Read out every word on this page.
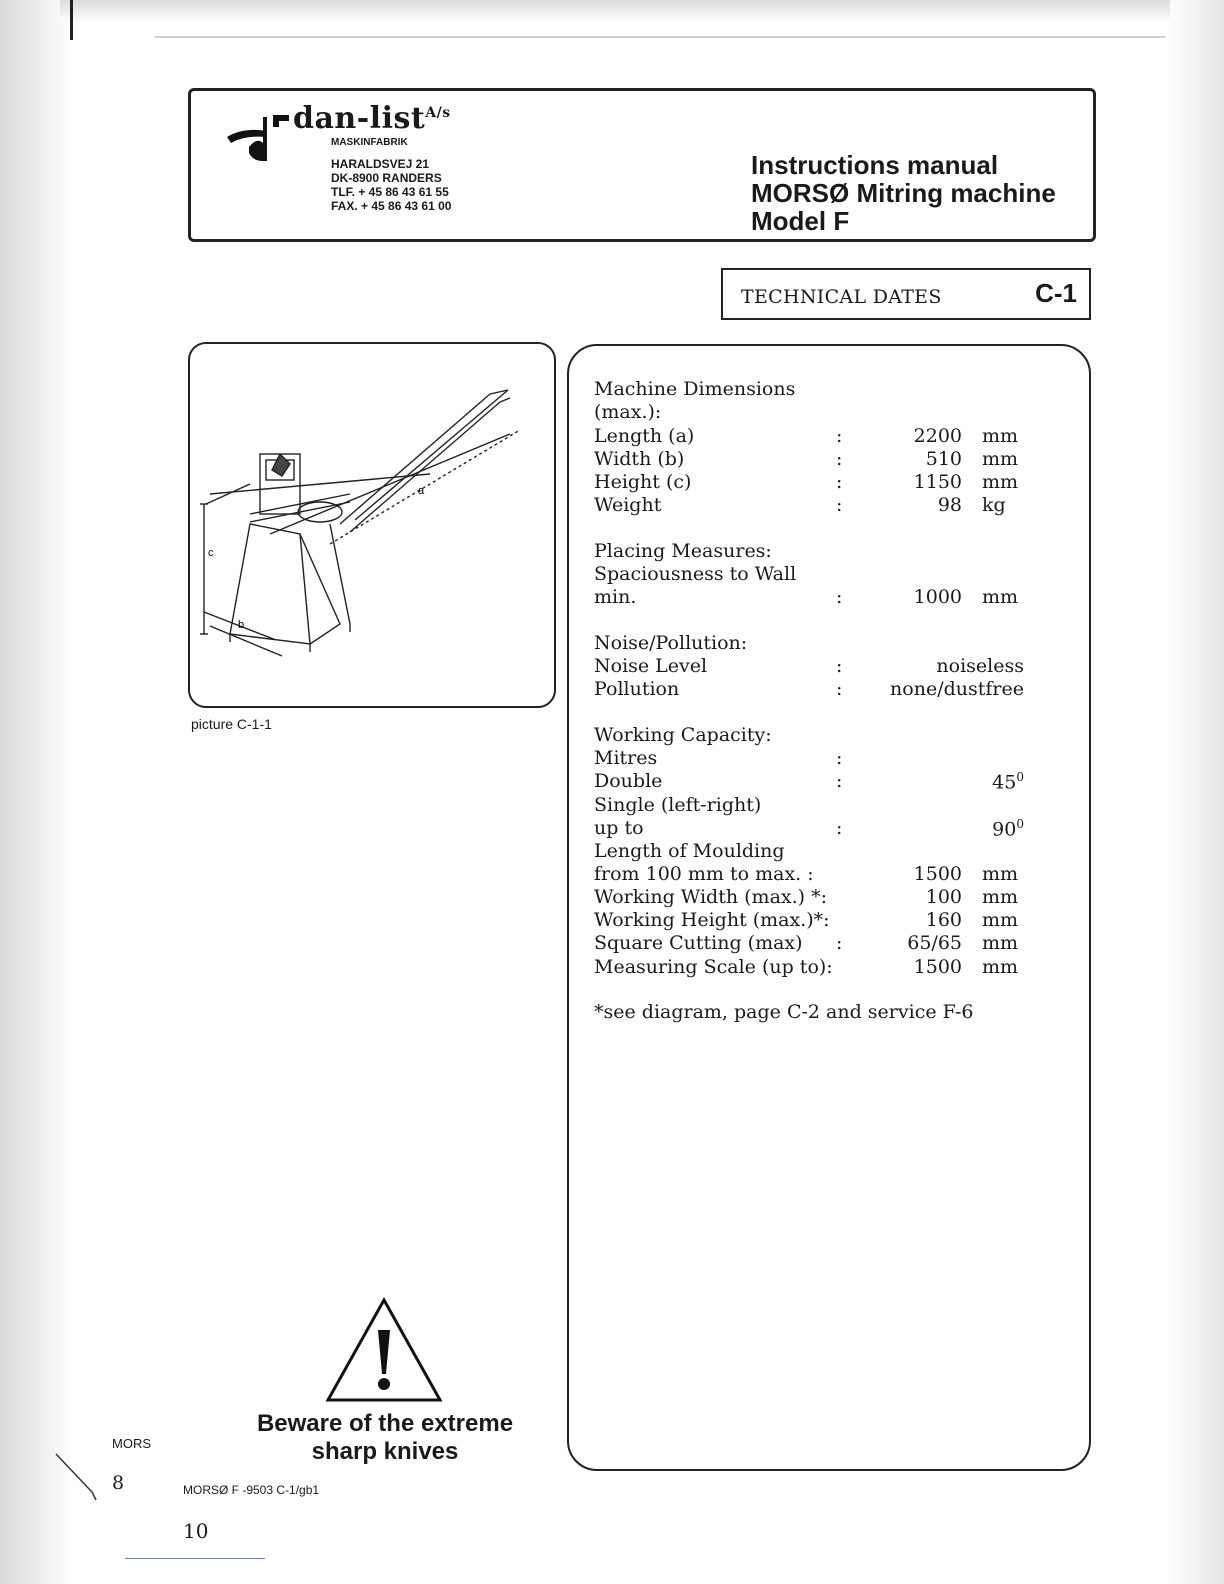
dan-list$^{A/s}$
MASKINFABRIK
HARALDSVEJ 21
DK-8900 RANDERS
TLF. + 45 86 43 61 55
FAX. + 45 86 43 61 00
Instructions manual
MORSØ Mitring machine
Model F
TECHNICAL DATES	C-1
a
b
c
picture C-1-1
Beware of the extreme
sharp knives
Machine Dimensions
(max.):
Length (a)	:	2200 mm
Width (b)	:	510 mm
Height (c)	:	1150 mm
Weight	:	98 kg
Placing Measures:
Spaciousness to Wall
min.	:	1000 mm
Noise/Pollution:
Noise Level	:	noiseless
Pollution	:	none/dustfree
Working Capacity:
Mitres	:
Double	:	$45^0$
Single (left-right)
up to	:	$90^0$
Length of Moulding
from 100 mm to max. :	1500 mm
Working Width (max.) *:	100 mm
Working Height (max.)*:	160 mm
Square Cutting (max) :	65/65 mm
Measuring Scale (up to):	1500 mm
*see diagram, page C-2 and service F-6
MORS
8	MORSØ F -9503 C-1/gb1
10
